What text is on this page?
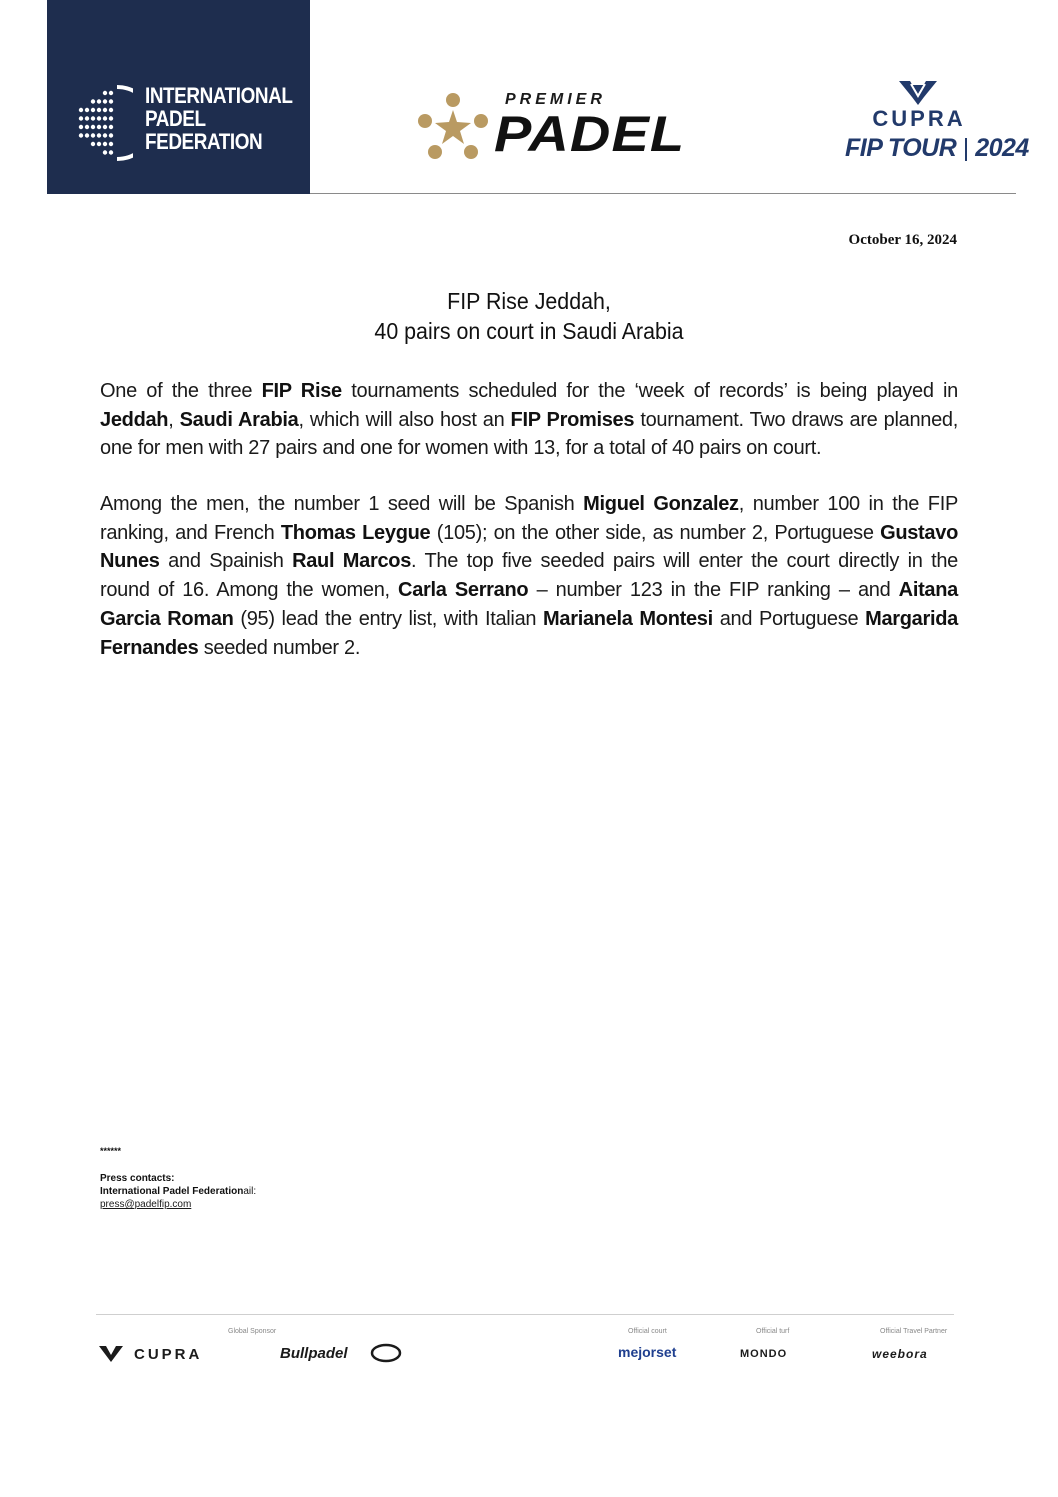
INTERNATIONAL
PADEL
FEDERATION
PREMIER
PADEL	CUPRA
FIP TOUR | 2024
October 16, 2024
FIP Rise Jeddah,
40 pairs on court in Saudi Arabia
One of the three FIP Rise tournaments scheduled for the ‘week of records’ is being played in Jeddah, Saudi Arabia, which will also host an FIP Promises tournament. Two draws are planned, one for men with 27 pairs and one for women with 13, for a total of 40 pairs on court.
Among the men, the number 1 seed will be Spanish Miguel Gonzalez, number 100 in the FIP ranking, and French Thomas Leygue (105); on the other side, as number 2, Portuguese Gustavo Nunes and Spainish Raul Marcos. The top five seeded pairs will enter the court directly in the round of 16. Among the women, Carla Serrano – number 123 in the FIP ranking – and Aitana Garcia Roman (95) lead the entry list, with Italian Marianela Montesi and Portuguese Margarida Fernandes seeded number 2.
******
Press contacts:
International Padel Federationail:
press@padelfip.com
Global Sponsor	Official court	Official turf	Official Travel Partner
CUPRA	Bullpadel	mejorset	MONDO	weebora
